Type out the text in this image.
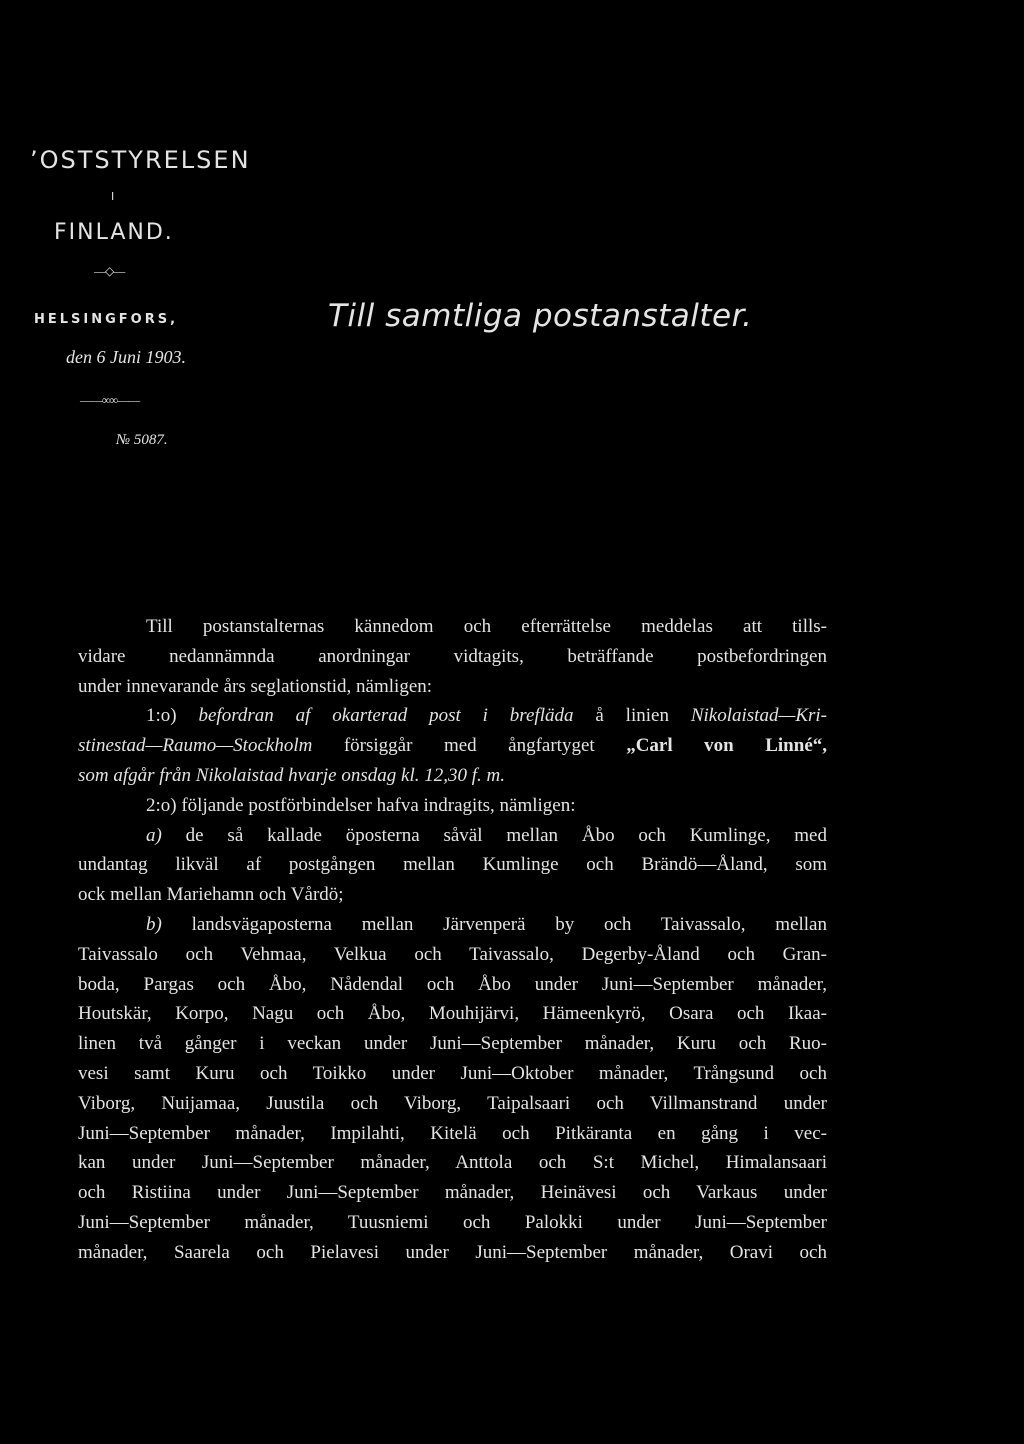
’OSTSTYRELSEN
I
FINLAND.
—◇—
HELSINGFORS,
den 6 Juni 1903.
——∞∞——
№ 5087.
Till samtliga postanstalter.
Till postanstalternas kännedom och efterrättelse meddelas att tills-
vidare nedannämnda anordningar vidtagits, beträffande postbefordringen
under innevarande års seglationstid, nämligen:
1:o) befordran af okarterad post i brefläda å linien Nikolaistad—Kri-
stinestad—Raumo—Stockholm försiggår med ångfartyget „Carl von Linné“,
som afgår från Nikolaistad hvarje onsdag kl. 12,30 f. m.
2:o) följande postförbindelser hafva indragits, nämligen:
a) de så kallade öposterna såväl mellan Åbo och Kumlinge, med
undantag likväl af postgången mellan Kumlinge och Brändö—Åland, som
ock mellan Mariehamn och Vårdö;
b) landsvägaposterna mellan Järvenperä by och Taivassalo, mellan
Taivassalo och Vehmaa, Velkua och Taivassalo, Degerby-Åland och Gran-
boda, Pargas och Åbo, Nådendal och Åbo under Juni—September månader,
Houtskär, Korpo, Nagu och Åbo, Mouhijärvi, Hämeenkyrö, Osara och Ikaa-
linen två gånger i veckan under Juni—September månader, Kuru och Ruo-
vesi samt Kuru och Toikko under Juni—Oktober månader, Trångsund och
Viborg, Nuijamaa, Juustila och Viborg, Taipalsaari och Villmanstrand under
Juni—September månader, Impilahti, Kitelä och Pitkäranta en gång i vec-
kan under Juni—September månader, Anttola och S:t Michel, Himalansaari
och Ristiina under Juni—September månader, Heinävesi och Varkaus under
Juni—September månader, Tuusniemi och Palokki under Juni—September
månader, Saarela och Pielavesi under Juni—September månader, Oravi och
